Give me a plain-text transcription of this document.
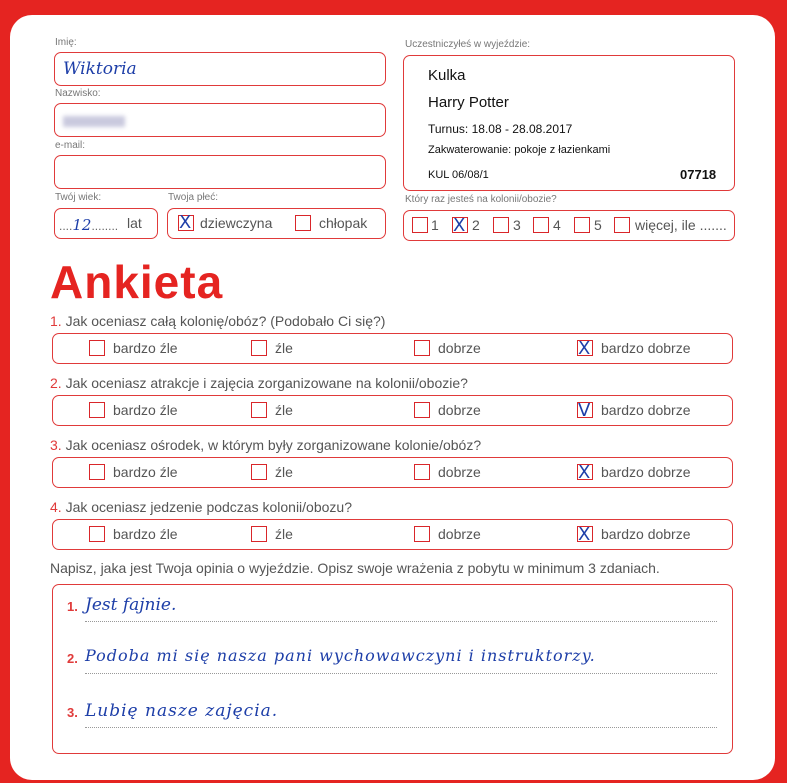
Imię:
Wiktoria
Nazwisko:
e-mail:
Twój wiek:
....12........ lat
Twoja płeć:
X dziewczyna	chłopak
Uczestniczyłeś w wyjeździe:
Kulka
Harry Potter
Turnus: 18.08 - 28.08.2017
Zakwaterowanie: pokoje z łazienkami
KUL 06/08/1	07718
Który raz jesteś na kolonii/obozie?
1 X 2 3 4 5 więcej, ile .......
Ankieta
1. Jak oceniasz całą kolonię/obóz? (Podobało Ci się?)
bardzo źle	źle	dobrze	X bardzo dobrze
2. Jak oceniasz atrakcje i zajęcia zorganizowane na kolonii/obozie?
bardzo źle	źle	dobrze	V bardzo dobrze
3. Jak oceniasz ośrodek, w którym były zorganizowane kolonie/obóz?
bardzo źle	źle	dobrze	X bardzo dobrze
4. Jak oceniasz jedzenie podczas kolonii/obozu?
bardzo źle	źle	dobrze	X bardzo dobrze
Napisz, jaka jest Twoja opinia o wyjeździe. Opisz swoje wrażenia z pobytu w minimum 3 zdaniach.
1. Jest fajnie.
2. Podoba mi się nasza pani wychowawczyni i instruktorzy.
3. Lubię nasze zajęcia.
